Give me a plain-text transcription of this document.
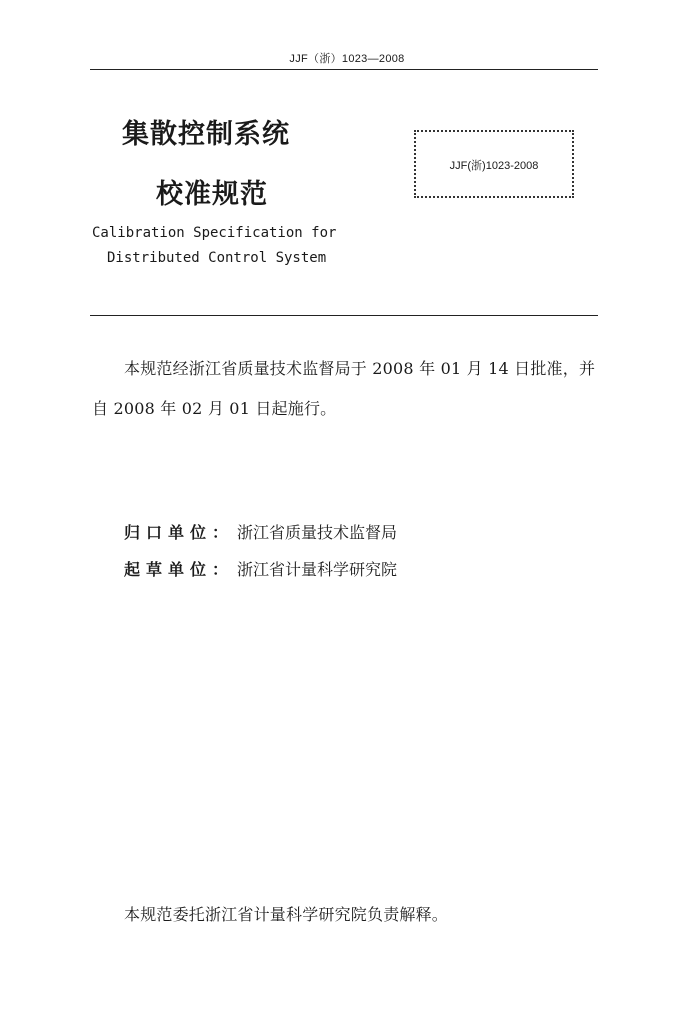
JJF（浙）1023—2008
集散控制系统
校准规范
JJF(浙)1023-2008
Calibration Specification for
Distributed Control System
本规范经浙江省质量技术监督局于 2008 年 01 月 14 日批准，并
自 2008 年 02 月 01 日起施行。
归口单位： 浙江省质量技术监督局
起草单位： 浙江省计量科学研究院
本规范委托浙江省计量科学研究院负责解释。
